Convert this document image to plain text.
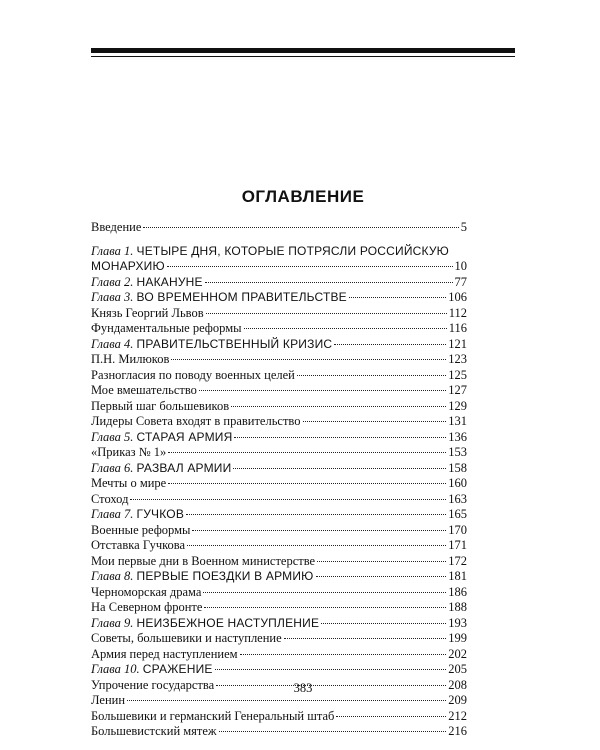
ОГЛАВЛЕНИЕ
Введение	5
Глава 1. ЧЕТЫРЕ ДНЯ, КОТОРЫЕ ПОТРЯСЛИ РОССИЙСКУЮ
МОНАРХИЮ	10
Глава 2. НАКАНУНЕ	77
Глава 3. ВО ВРЕМЕННОМ ПРАВИТЕЛЬСТВЕ	106
Князь Георгий Львов	112
Фундаментальные реформы	116
Глава 4. ПРАВИТЕЛЬСТВЕННЫЙ КРИЗИС	121
П.Н. Милюков	123
Разногласия по поводу военных целей	125
Мое вмешательство	127
Первый шаг большевиков	129
Лидеры Совета входят в правительство	131
Глава 5. СТАРАЯ АРМИЯ	136
«Приказ № 1»	153
Глава 6. РАЗВАЛ АРМИИ	158
Мечты о мире	160
Стоход	163
Глава 7. ГУЧКОВ	165
Военные реформы	170
Отставка Гучкова	171
Мои первые дни в Военном министерстве	172
Глава 8. ПЕРВЫЕ ПОЕЗДКИ В АРМИЮ	181
Черноморская драма	186
На Северном фронте	188
Глава 9. НЕИЗБЕЖНОЕ НАСТУПЛЕНИЕ	193
Советы, большевики и наступление	199
Армия перед наступлением	202
Глава 10. СРАЖЕНИЕ	205
Упрочение государства	208
Ленин	209
Большевики и германский Генеральный штаб	212
Большевистский мятеж	216
383
